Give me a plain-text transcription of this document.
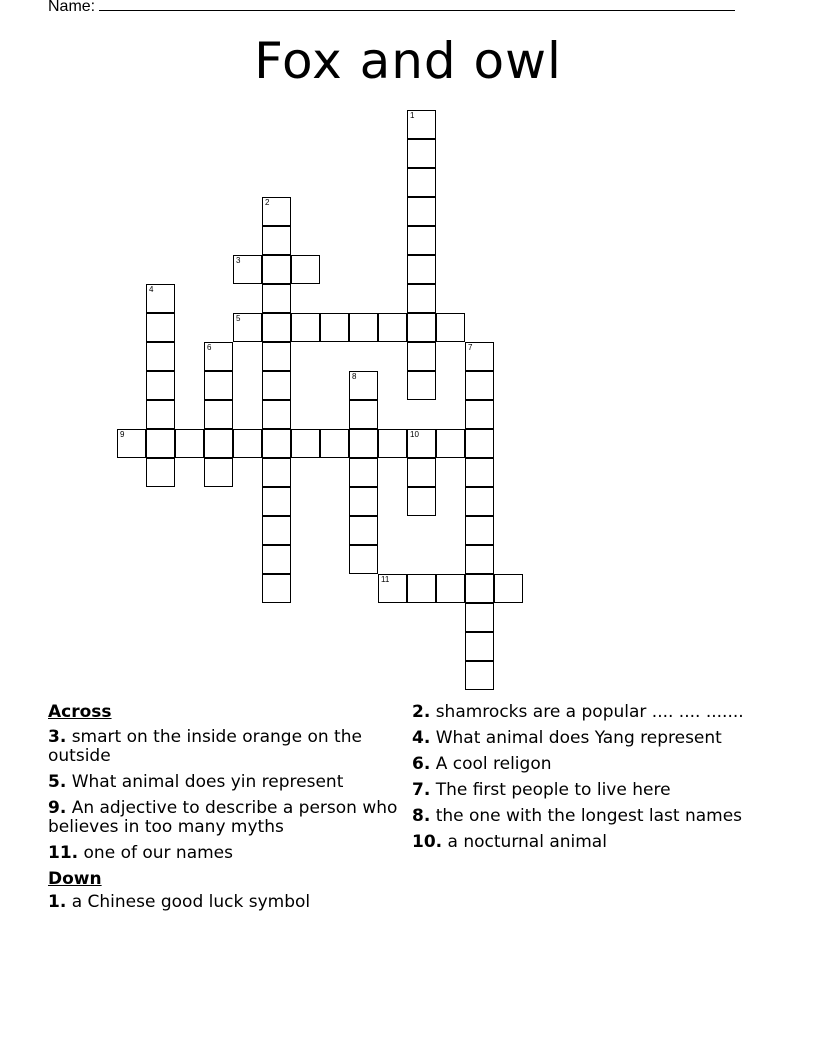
Name:
Fox and owl
1
2
3
4
5
6	7
8
9	10
11
Across
3. smart on the inside orange on the outside
5. What animal does yin represent
9. An adjective to describe a person who believes in too many myths
11. one of our names
Down
1. a Chinese good luck symbol
2. shamrocks are a popular .... .... .......
4. What animal does Yang represent
6. A cool religon
7. The first people to live here
8. the one with the longest last names
10. a nocturnal animal
